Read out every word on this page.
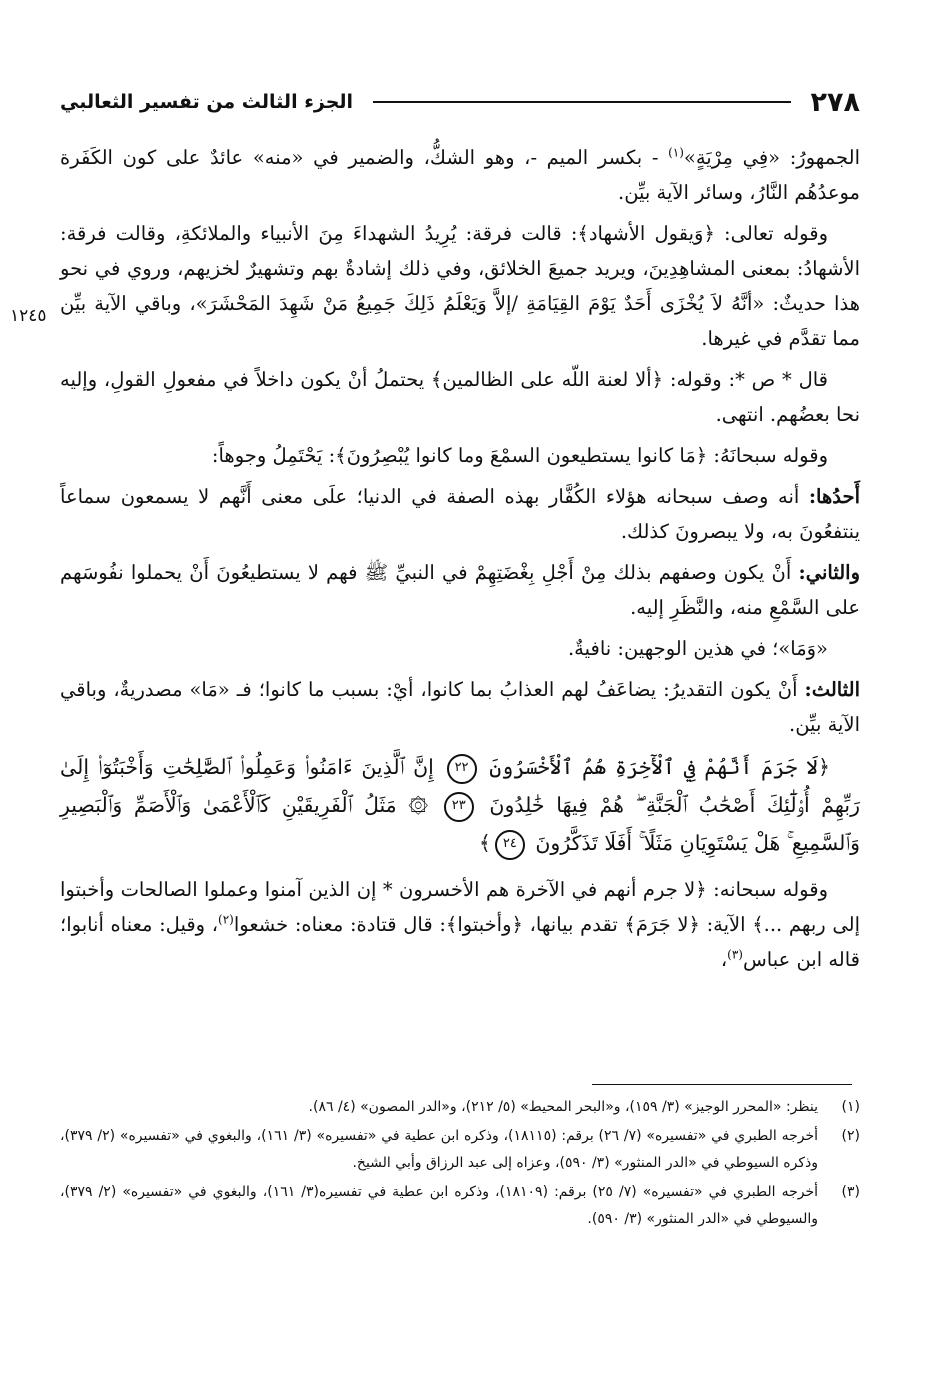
٢٧٨
الجزء الثالث من تفسير الثعالبي
١٢٤٥

الجمهورُ: «فِي مِرْيَةٍ»$^{(١)}$ - بكسر الميم -، وهو الشكُّ، والضمير في «منه» عائدٌ على كون الكَفَرة موعدُهُم النَّارُ، وسائر الآية بيِّن.

وقوله تعالى: ﴿وَيقول الأشهاد﴾: قالت فرقة: يُرِيدُ الشهداءَ مِنَ الأنبياء والملائكةِ، وقالت فرقة: الأشهادُ: بمعنى المشاهِدِينَ، ويريد جميعَ الخلائق، وفي ذلك إشادةٌ بهم وتشهيرٌ لخزيهم، وروي في نحو هذا حديثٌ: «أنَّهُ لاَ يُخْزَى أَحَدٌ يَوْمَ القِيَامَةِ /إلاَّ وَيَعْلَمُ ذَلِكَ جَمِيعُ مَنْ شَهِدَ المَحْشَرَ»، وباقي الآية بيِّن مما تقدَّم في غيرها.

قال * ص *: وقوله: ﴿ألا لعنة اللّه على الظالمين﴾ يحتملُ أنْ يكون داخلاً في مفعولِ القولِ، وإليه نحا بعضُهم. انتهى.

وقوله سبحانَهُ: ﴿مَا كانوا يستطيعون السمْعَ وما كانوا يُبْصِرُونَ﴾: يَحْتَمِلُ وجوهاً:

أَحدُها: أنه وصف سبحانه هؤلاء الكُفَّار بهذه الصفة في الدنيا؛ علَى معنى أَنَّهم لا يسمعون سماعاً ينتفعُونَ به، ولا يبصرونَ كذلك.

والثاني: أَنْ يكون وصفهم بذلك مِنْ أَجْلِ بِغْضَتِهِمْ في النبيِّ ﷺ فهم لا يستطيعُونَ أَنْ يحملوا نفُوسَهم على السَّمْعِ منه، والنَّظَرِ إليه.

«وَمَا»؛ في هذين الوجهين: نافيةٌ.

الثالث: أَنْ يكون التقديرُ: يضاعَفُ لهم العذابُ بما كانوا، أيْ: بسبب ما كانوا؛ فـ «مَا» مصدريةٌ، وباقي الآية بيِّن.

﴿لَا جَرَمَ أَنَّهُمْ فِي ٱلْأٓخِرَةِ هُمُ ٱلْأَخْسَرُونَ ٢٢ إِنَّ ٱلَّذِينَ ءَامَنُوا۟ وَعَمِلُوا۟ ٱلصَّٰلِحَٰتِ وَأَخْبَتُوٓا۟ إِلَىٰ رَبِّهِمْ أُو۟لَٰٓئِكَ أَصْحَٰبُ ٱلْجَنَّةِ ۖ هُمْ فِيهَا خَٰلِدُونَ ٢٣ ۞ مَثَلُ ٱلْفَرِيقَيْنِ كَٱلْأَعْمَىٰ وَٱلْأَصَمِّ وَٱلْبَصِيرِ وَٱلسَّمِيعِ ۚ هَلْ يَسْتَوِيَانِ مَثَلًا ۚ أَفَلَا تَذَكَّرُونَ ٢٤﴾

وقوله سبحانه: ﴿لا جرم أنهم في الآخرة هم الأخسرون * إن الذين آمنوا وعملوا الصالحات وأخبتوا إلى ربهم ...﴾ الآية: ﴿لا جَرَمَ﴾ تقدم بيانها، ﴿وأخبتوا﴾: قال قتادة: معناه: خشعوا$^{(٢)}$، وقيل: معناه أنابوا؛ قاله ابن عباس$^{(٣)}$،

(١)
ينظر: «المحرر الوجيز» (٣/ ١٥٩)، و«البحر المحيط» (٥/ ٢١٢)، و«الدر المصون» (٤/ ٨٦).
(٢)
أخرجه الطبري في «تفسيره» (٧/ ٢٦) برقم: (١٨١١٥)، وذكره ابن عطية في «تفسيره» (٣/ ١٦١)، والبغوي في «تفسيره» (٢/ ٣٧٩)، وذكره السيوطي في «الدر المنثور» (٣/ ٥٩٠)، وعزاه إلى عبد الرزاق وأبي الشيخ.
(٣)
أخرجه الطبري في «تفسيره» (٧/ ٢٥) برقم: (١٨١٠٩)، وذكره ابن عطية في تفسيره(٣/ ١٦١)، والبغوي في «تفسيره» (٢/ ٣٧٩)، والسيوطي في «الدر المنثور» (٣/ ٥٩٠).
